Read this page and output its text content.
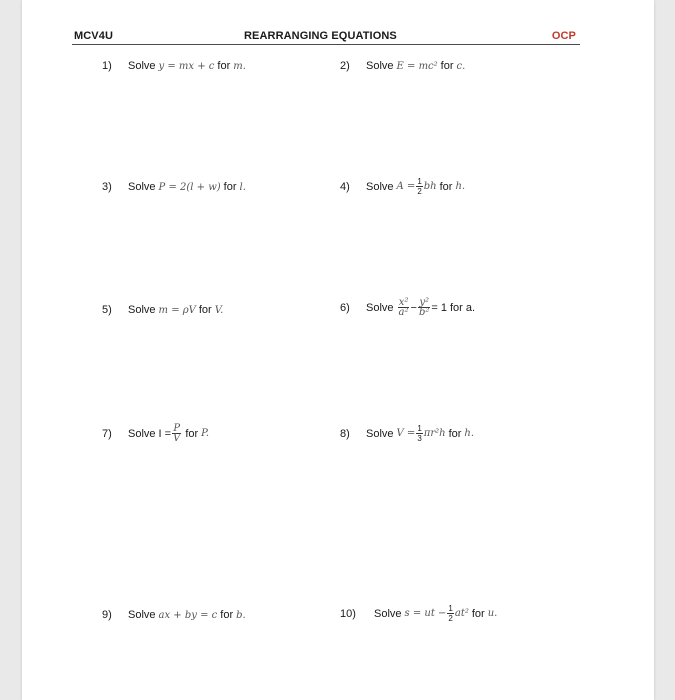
MCV4U	REARRANGING EQUATIONS	OCP
1)	Solve y = mx + c for m.	2)	Solve E = mc² for c.
3)	Solve P = 2(l + w) for l.	4)	Solve $A = \frac{1}{2}$ bh for h.
5)	Solve m = ρV for V.	6)	Solve $\frac{\text{x²}}{\text{a²}} - \frac{\text{y²}}{\text{b²}} = 1$ for a.
7)	Solve $I = \frac{P}{V}$ for P.	8)	Solve $V = \frac{1}{3} \pi r^2h$ for h.
9)	Solve ax + by = c for b.	10)	Solve s = ut − $\frac{1}{2} at^2$ for u.
